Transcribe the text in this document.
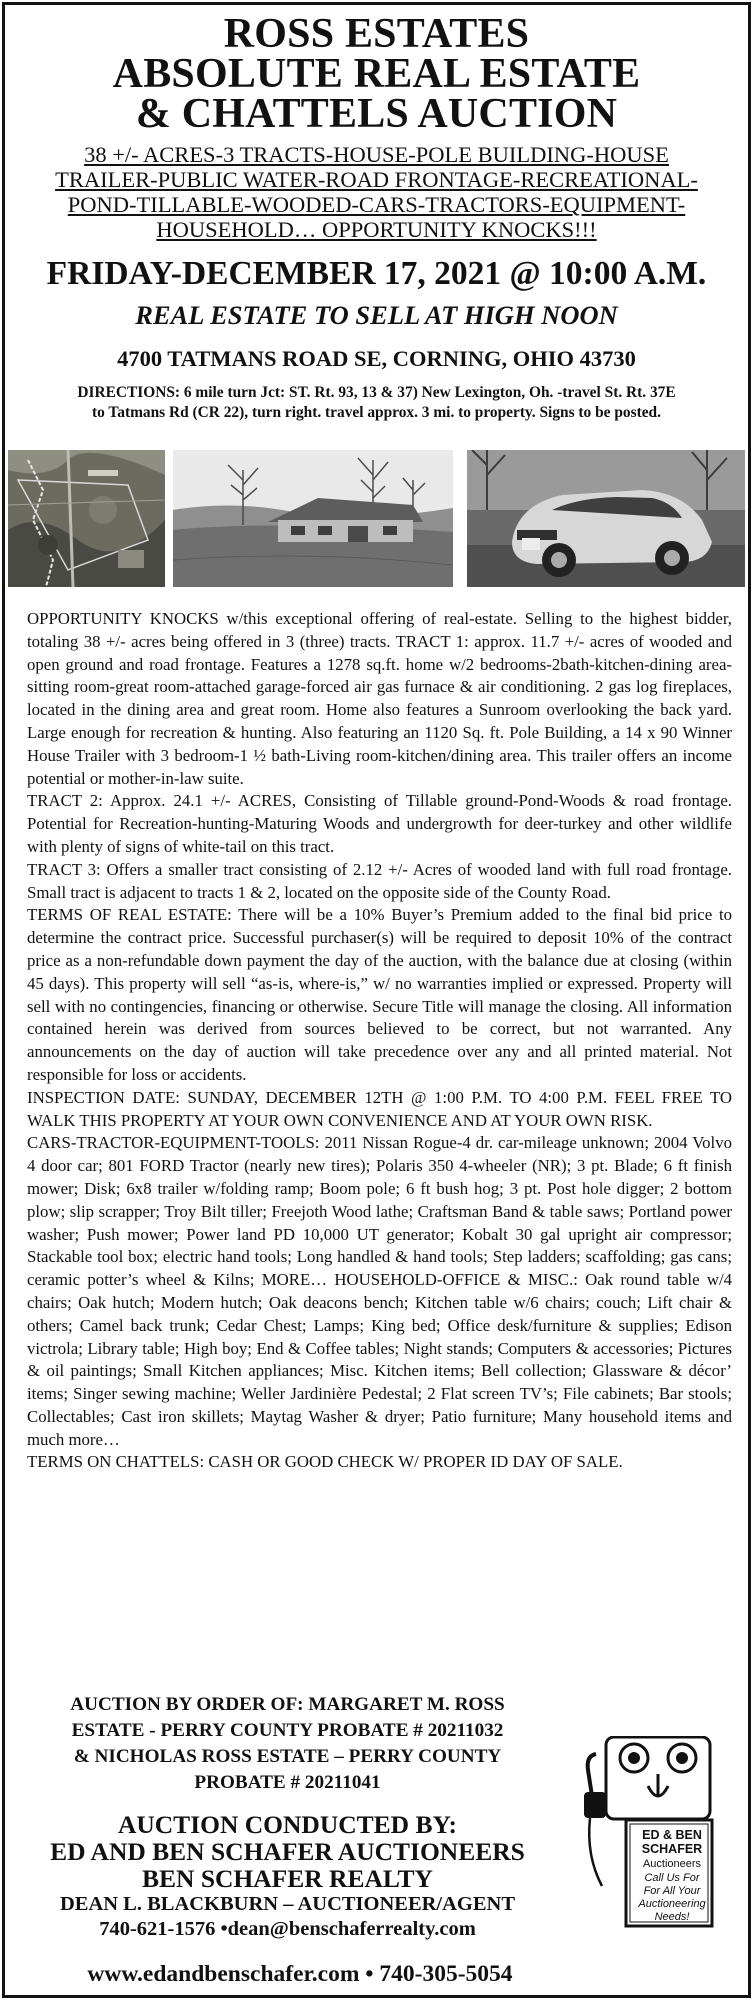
ROSS ESTATES
ABSOLUTE REAL ESTATE
& CHATTELS AUCTION
38 +/- ACRES-3 TRACTS-HOUSE-POLE BUILDING-HOUSE
TRAILER-PUBLIC WATER-ROAD FRONTAGE-RECREATIONAL-
POND-TILLABLE-WOODED-CARS-TRACTORS-EQUIPMENT-
HOUSEHOLD… OPPORTUNITY KNOCKS!!!
FRIDAY-DECEMBER 17, 2021 @ 10:00 A.M.
REAL ESTATE TO SELL AT HIGH NOON
4700 TATMANS ROAD SE, CORNING, OHIO 43730
DIRECTIONS: 6 mile turn Jct: ST. Rt. 93, 13 & 37) New Lexington, Oh. -travel St. Rt. 37E
to Tatmans Rd (CR 22), turn right. travel approx. 3 mi. to property. Signs to be posted.

OPPORTUNITY KNOCKS w/this exceptional offering of real-estate. Selling to the highest bidder, totaling 38 +/- acres being offered in 3 (three) tracts. TRACT 1: approx. 11.7 +/- acres of wooded and open ground and road frontage. Features a 1278 sq.ft. home w/2 bedrooms-2bath-kitchen-dining area-sitting room-great room-attached garage-forced air gas furnace & air conditioning. 2 gas log fireplaces, located in the dining area and great room. Home also features a Sunroom overlooking the back yard. Large enough for recreation & hunting. Also featuring an 1120 Sq. ft. Pole Building, a 14 x 90 Winner House Trailer with 3 bedroom-1 ½ bath-Living room-kitchen/dining area. This trailer offers an income potential or mother-in-law suite.

TRACT 2: Approx. 24.1 +/- ACRES, Consisting of Tillable ground-Pond-Woods & road frontage. Potential for Recreation-hunting-Maturing Woods and undergrowth for deer-turkey and other wildlife with plenty of signs of white-tail on this tract.

TRACT 3: Offers a smaller tract consisting of 2.12 +/- Acres of wooded land with full road frontage. Small tract is adjacent to tracts 1 & 2, located on the opposite side of the County Road.

TERMS OF REAL ESTATE: There will be a 10% Buyer’s Premium added to the final bid price to determine the contract price. Successful purchaser(s) will be required to deposit 10% of the contract price as a non-refundable down payment the day of the auction, with the balance due at closing (within 45 days). This property will sell “as-is, where-is,” w/ no warranties implied or expressed. Property will sell with no contingencies, financing or otherwise. Secure Title will manage the closing. All information contained herein was derived from sources believed to be correct, but not warranted. Any announcements on the day of auction will take precedence over any and all printed material. Not responsible for loss or accidents.

INSPECTION DATE: SUNDAY, DECEMBER 12TH @ 1:00 P.M. TO 4:00 P.M. FEEL FREE TO WALK THIS PROPERTY AT YOUR OWN CONVENIENCE AND AT YOUR OWN RISK.

CARS-TRACTOR-EQUIPMENT-TOOLS: 2011 Nissan Rogue-4 dr. car-mileage unknown; 2004 Volvo 4 door car; 801 FORD Tractor (nearly new tires); Polaris 350 4-wheeler (NR); 3 pt. Blade; 6 ft finish mower; Disk; 6x8 trailer w/folding ramp; Boom pole; 6 ft bush hog; 3 pt. Post hole digger; 2 bottom plow; slip scrapper; Troy Bilt tiller; Freejoth Wood lathe; Craftsman Band & table saws; Portland power washer; Push mower; Power land PD 10,000 UT generator; Kobalt 30 gal upright air compressor; Stackable tool box; electric hand tools; Long handled & hand tools; Step ladders; scaffolding; gas cans; ceramic potter’s wheel & Kilns; MORE… HOUSEHOLD-OFFICE & MISC.: Oak round table w/4 chairs; Oak hutch; Modern hutch; Oak deacons bench; Kitchen table w/6 chairs; couch; Lift chair & others; Camel back trunk; Cedar Chest; Lamps; King bed; Office desk/furniture & supplies; Edison victrola; Library table; High boy; End & Coffee tables; Night stands; Computers & accessories; Pictures & oil paintings; Small Kitchen appliances; Misc. Kitchen items; Bell collection; Glassware & décor’ items; Singer sewing machine; Weller Jardinière Pedestal; 2 Flat screen TV’s; File cabinets; Bar stools; Collectables; Cast iron skillets; Maytag Washer & dryer; Patio furniture; Many household items and much more…

TERMS ON CHATTELS: CASH OR GOOD CHECK W/ PROPER ID DAY OF SALE.

AUCTION BY ORDER OF: MARGARET M. ROSS
ESTATE - PERRY COUNTY PROBATE # 20211032
& NICHOLAS ROSS ESTATE – PERRY COUNTY
PROBATE # 20211041
AUCTION CONDUCTED BY:
ED AND BEN SCHAFER AUCTIONEERS
BEN SCHAFER REALTY
DEAN L. BLACKBURN – AUCTIONEER/AGENT
740-621-1576 •dean@benschaferrealty.com
www.edandbenschafer.com • 740-305-5054
ED & BEN
SCHAFER
Auctioneers
Call Us For
For All Your
Auctioneering
Needs!
